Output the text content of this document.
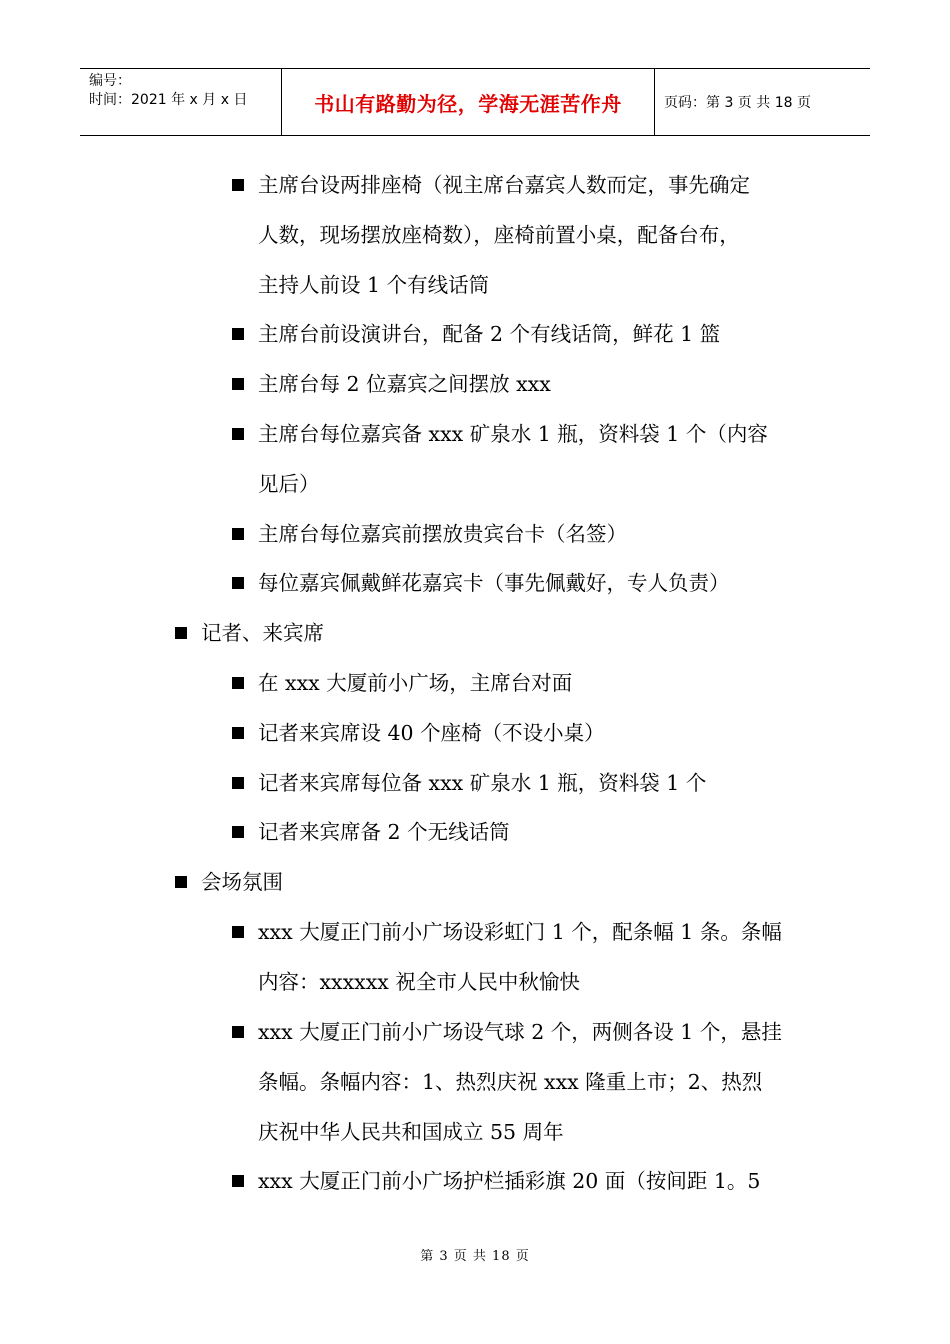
编号：
时间：2021 年 x 月 x 日	书山有路勤为径，学海无涯苦作舟	页码：第 3 页 共 18 页
主席台设两排座椅（视主席台嘉宾人数而定，事先确定
人数，现场摆放座椅数），座椅前置小桌，配备台布，
主持人前设 1 个有线话筒
主席台前设演讲台，配备 2 个有线话筒，鲜花 1 篮
主席台每 2 位嘉宾之间摆放 xxx
主席台每位嘉宾备 xxx 矿泉水 1 瓶，资料袋 1 个（内容
见后）
主席台每位嘉宾前摆放贵宾台卡（名签）
每位嘉宾佩戴鲜花嘉宾卡（事先佩戴好，专人负责）
记者、来宾席
在 xxx 大厦前小广场，主席台对面
记者来宾席设 40 个座椅（不设小桌）
记者来宾席每位备 xxx 矿泉水 1 瓶，资料袋 1 个
记者来宾席备 2 个无线话筒
会场氛围
xxx 大厦正门前小广场设彩虹门 1 个，配条幅 1 条。条幅
内容：xxxxxx 祝全市人民中秋愉快
xxx 大厦正门前小广场设气球 2 个，两侧各设 1 个，悬挂
条幅。条幅内容：1、热烈庆祝 xxx 隆重上市；2、热烈
庆祝中华人民共和国成立 55 周年
xxx 大厦正门前小广场护栏插彩旗 20 面（按间距 1。5
第 3 页 共 18 页
